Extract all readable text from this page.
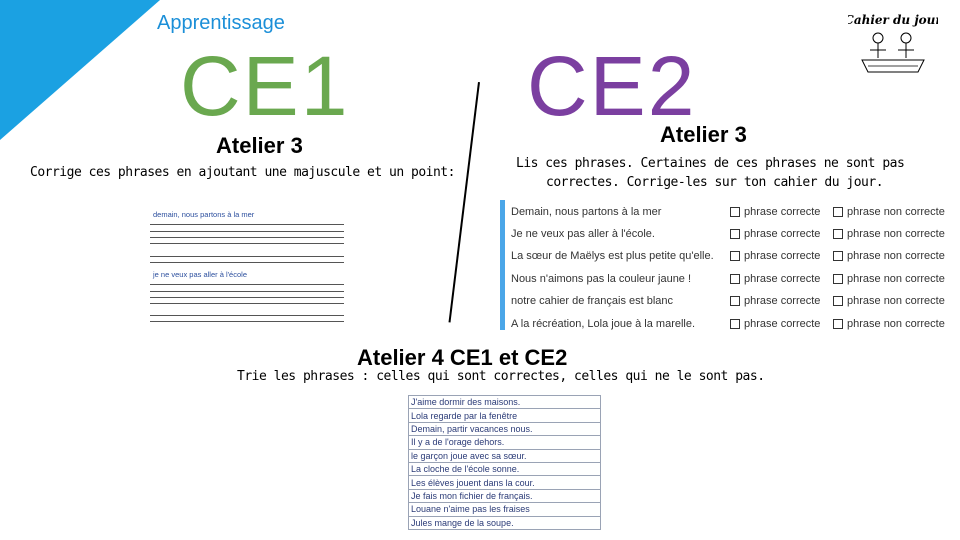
Apprentissage
CE1
Atelier 3
Corrige ces phrases en ajoutant une majuscule et un point:
demain, nous partons à la mer
je ne veux pas aller à l'école
CE2
Atelier 3
Lis ces phrases. Certaines de ces phrases ne sont pas
correctes. Corrige-les sur ton cahier du jour.
Demain, nous partons à la mer	phrase correcte phrase non correcte
Je ne veux pas aller à l'école.	phrase correcte phrase non correcte
La sœur de Maëlys est plus petite qu'elle.	phrase correcte phrase non correcte
Nous n'aimons pas la couleur jaune !	phrase correcte phrase non correcte
notre cahier de français est blanc	phrase correcte phrase non correcte
A la récréation, Lola joue à la marelle.	phrase correcte phrase non correcte
Atelier 4 CE1 et CE2
Trie les phrases : celles qui sont correctes, celles qui ne le sont pas.
J'aime dormir des maisons.
Lola regarde par la fenêtre
Demain, partir vacances nous.
Il y a de l'orage dehors.
le garçon joue avec sa sœur.
La cloche de l'école sonne.
Les élèves jouent dans la cour.
Je fais mon fichier de français.
Louane n'aime pas les fraises
Jules mange de la soupe.
Cahier du jour
